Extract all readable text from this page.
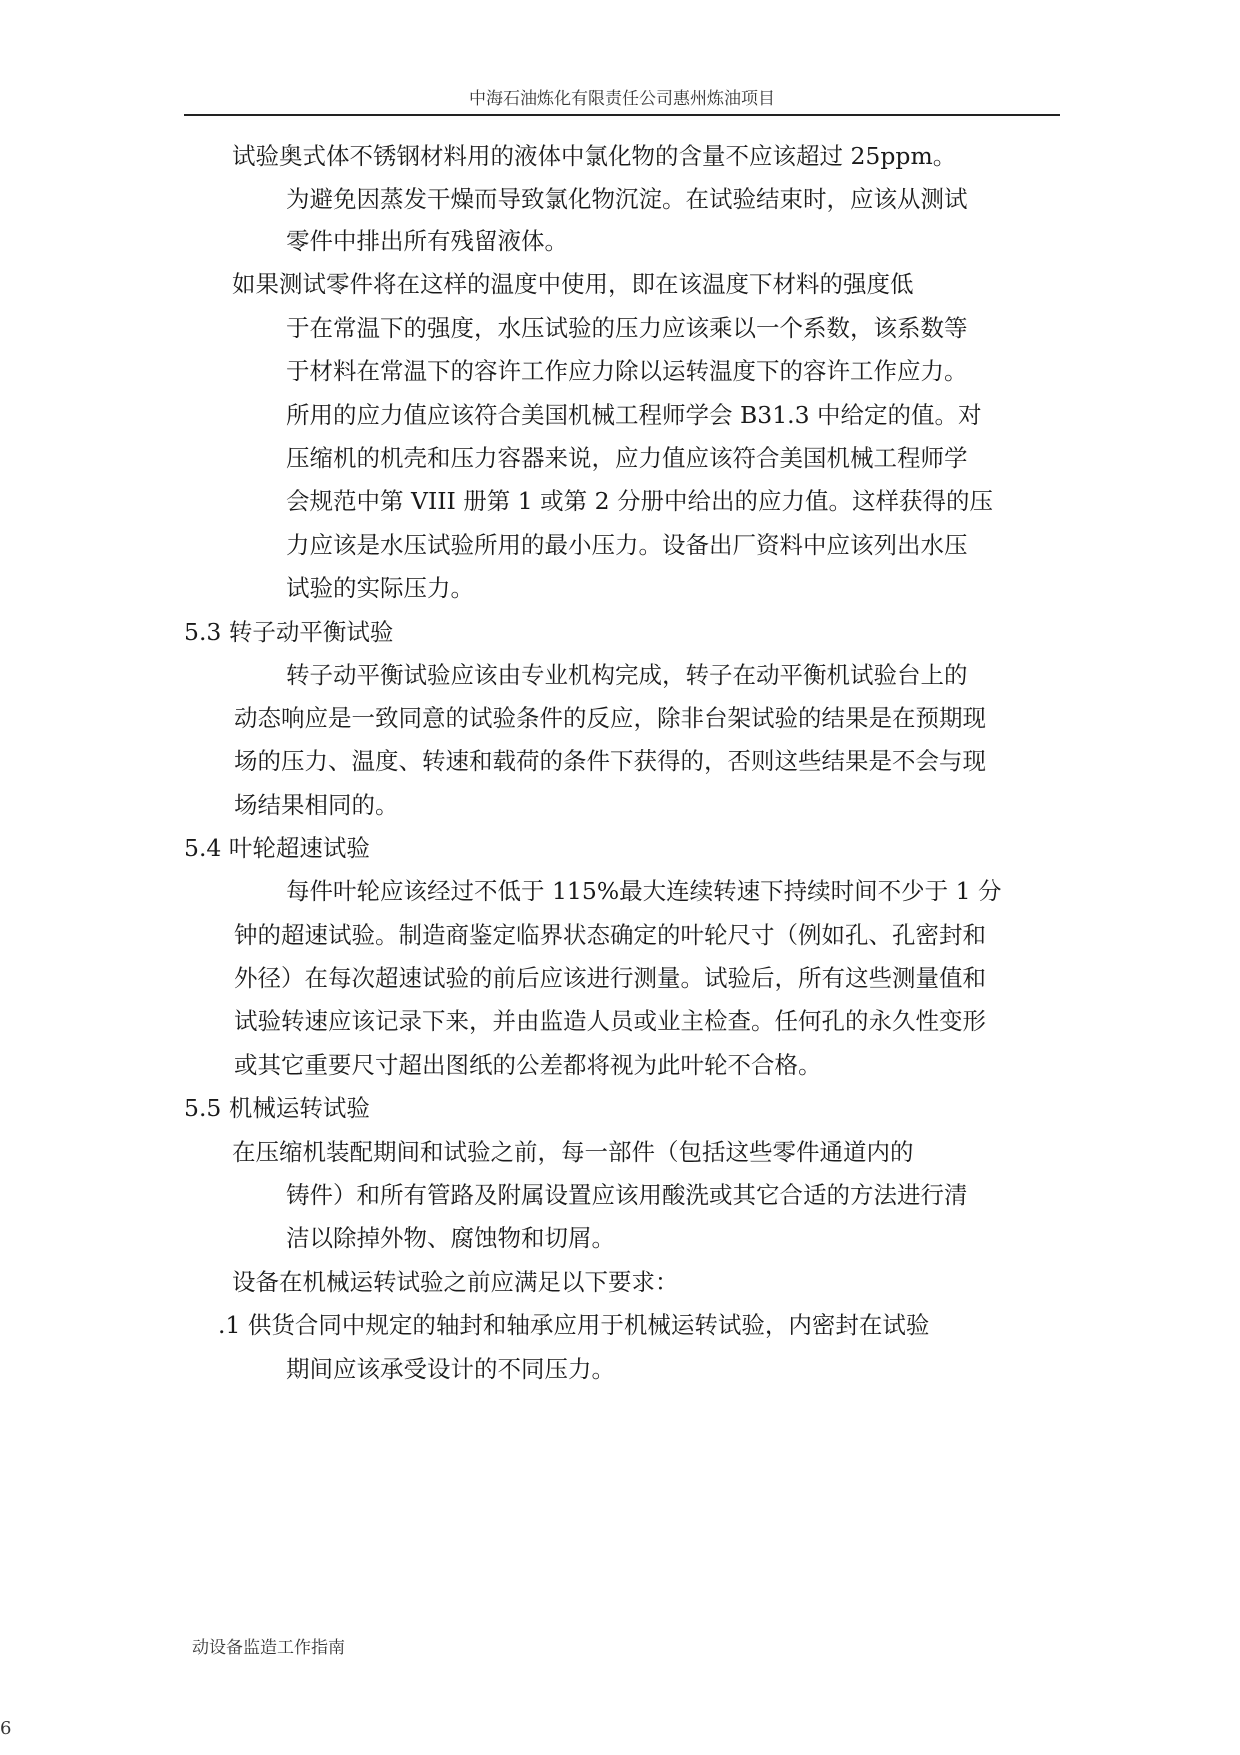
中海石油炼化有限责任公司惠州炼油项目
试验奥式体不锈钢材料用的液体中氯化物的含量不应该超过 25ppm。
为避免因蒸发干燥而导致氯化物沉淀。在试验结束时，应该从测试
零件中排出所有残留液体。
如果测试零件将在这样的温度中使用，即在该温度下材料的强度低
于在常温下的强度，水压试验的压力应该乘以一个系数，该系数等
于材料在常温下的容许工作应力除以运转温度下的容许工作应力。
所用的应力值应该符合美国机械工程师学会 B31.3 中给定的值。对
压缩机的机壳和压力容器来说，应力值应该符合美国机械工程师学
会规范中第 VIII 册第 1 或第 2 分册中给出的应力值。这样获得的压
力应该是水压试验所用的最小压力。设备出厂资料中应该列出水压
试验的实际压力。
5.3 转子动平衡试验
转子动平衡试验应该由专业机构完成，转子在动平衡机试验台上的
动态响应是一致同意的试验条件的反应，除非台架试验的结果是在预期现
场的压力、温度、转速和载荷的条件下获得的，否则这些结果是不会与现
场结果相同的。
5.4 叶轮超速试验
每件叶轮应该经过不低于 115%最大连续转速下持续时间不少于 1 分
钟的超速试验。制造商鉴定临界状态确定的叶轮尺寸（例如孔、孔密封和
外径）在每次超速试验的前后应该进行测量。试验后，所有这些测量值和
试验转速应该记录下来，并由监造人员或业主检查。任何孔的永久性变形
或其它重要尺寸超出图纸的公差都将视为此叶轮不合格。
5.5 机械运转试验
在压缩机装配期间和试验之前，每一部件（包括这些零件通道内的
铸件）和所有管路及附属设置应该用酸洗或其它合适的方法进行清
洁以除掉外物、腐蚀物和切屑。
设备在机械运转试验之前应满足以下要求：
.1 供货合同中规定的轴封和轴承应用于机械运转试验，内密封在试验
期间应该承受设计的不同压力。
动设备监造工作指南
6
